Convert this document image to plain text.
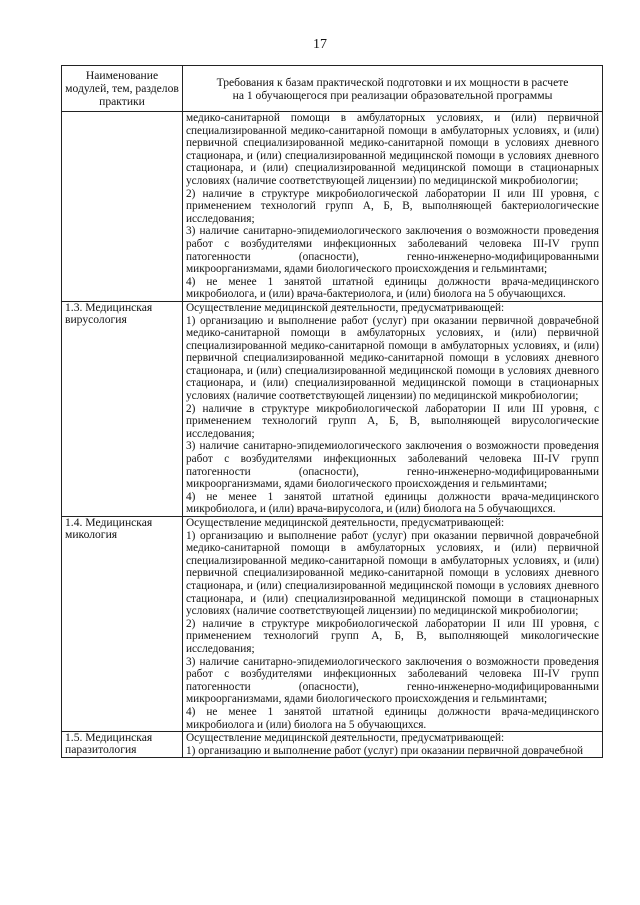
17
Наименование модулей, тем, разделов практики	Требования к базам практической подготовки и их мощности в расчете
на 1 обучающегося при реализации образовательной программы

	медико-санитарной помощи в амбулаторных условиях, и (или) первичной специализированной медико-санитарной помощи в амбулаторных условиях, и (или) первичной специализированной медико-санитарной помощи в условиях дневного стационара, и (или) специализированной медицинской помощи в условиях дневного стационара, и (или) специализированной медицинской помощи в стационарных условиях (наличие соответствующей лицензии) по медицинской микробиологии;
2) наличие в структуре микробиологической лаборатории II или III уровня, с применением технологий групп А, Б, В, выполняющей бактериологические исследования;
3) наличие санитарно-эпидемиологического заключения о возможности проведения работ с возбудителями инфекционных заболеваний человека III-IV групп патогенности (опасности), генно-инженерно-модифицированными микроорганизмами, ядами биологического происхождения и гельминтами;
4) не менее 1 занятой штатной единицы должности врача-медицинского микробиолога, и (или) врача-бактериолога, и (или) биолога на 5 обучающихся.

1.3. Медицинская вирусология	Осуществление медицинской деятельности, предусматривающей:
1) организацию и выполнение работ (услуг) при оказании первичной доврачебной медико-санитарной помощи в амбулаторных условиях, и (или) первичной специализированной медико-санитарной помощи в амбулаторных условиях, и (или) первичной специализированной медико-санитарной помощи в условиях дневного стационара, и (или) специализированной медицинской помощи в условиях дневного стационара, и (или) специализированной медицинской помощи в стационарных условиях (наличие соответствующей лицензии) по медицинской микробиологии;
2) наличие в структуре микробиологической лаборатории II или III уровня, с применением технологий групп А, Б, В, выполняющей вирусологические исследования;
3) наличие санитарно-эпидемиологического заключения о возможности проведения работ с возбудителями инфекционных заболеваний человека III-IV групп патогенности (опасности), генно-инженерно-модифицированными микроорганизмами, ядами биологического происхождения и гельминтами;
4) не менее 1 занятой штатной единицы должности врача-медицинского микробиолога, и (или) врача-вирусолога, и (или) биолога на 5 обучающихся.

1.4. Медицинская микология	Осуществление медицинской деятельности, предусматривающей:
1) организацию и выполнение работ (услуг) при оказании первичной доврачебной медико-санитарной помощи в амбулаторных условиях, и (или) первичной специализированной медико-санитарной помощи в амбулаторных условиях, и (или) первичной специализированной медико-санитарной помощи в условиях дневного стационара, и (или) специализированной медицинской помощи в условиях дневного стационара, и (или) специализированной медицинской помощи в стационарных условиях (наличие соответствующей лицензии) по медицинской микробиологии;
2) наличие в структуре микробиологической лаборатории II или III уровня, с применением технологий групп А, Б, В, выполняющей микологические исследования;
3) наличие санитарно-эпидемиологического заключения о возможности проведения работ с возбудителями инфекционных заболеваний человека III-IV групп патогенности (опасности), генно-инженерно-модифицированными микроорганизмами, ядами биологического происхождения и гельминтами;
4) не менее 1 занятой штатной единицы должности врача-медицинского микробиолога и (или) биолога на 5 обучающихся.

1.5. Медицинская паразитология	Осуществление медицинской деятельности, предусматривающей:
1) организацию и выполнение работ (услуг) при оказании первичной доврачебной
